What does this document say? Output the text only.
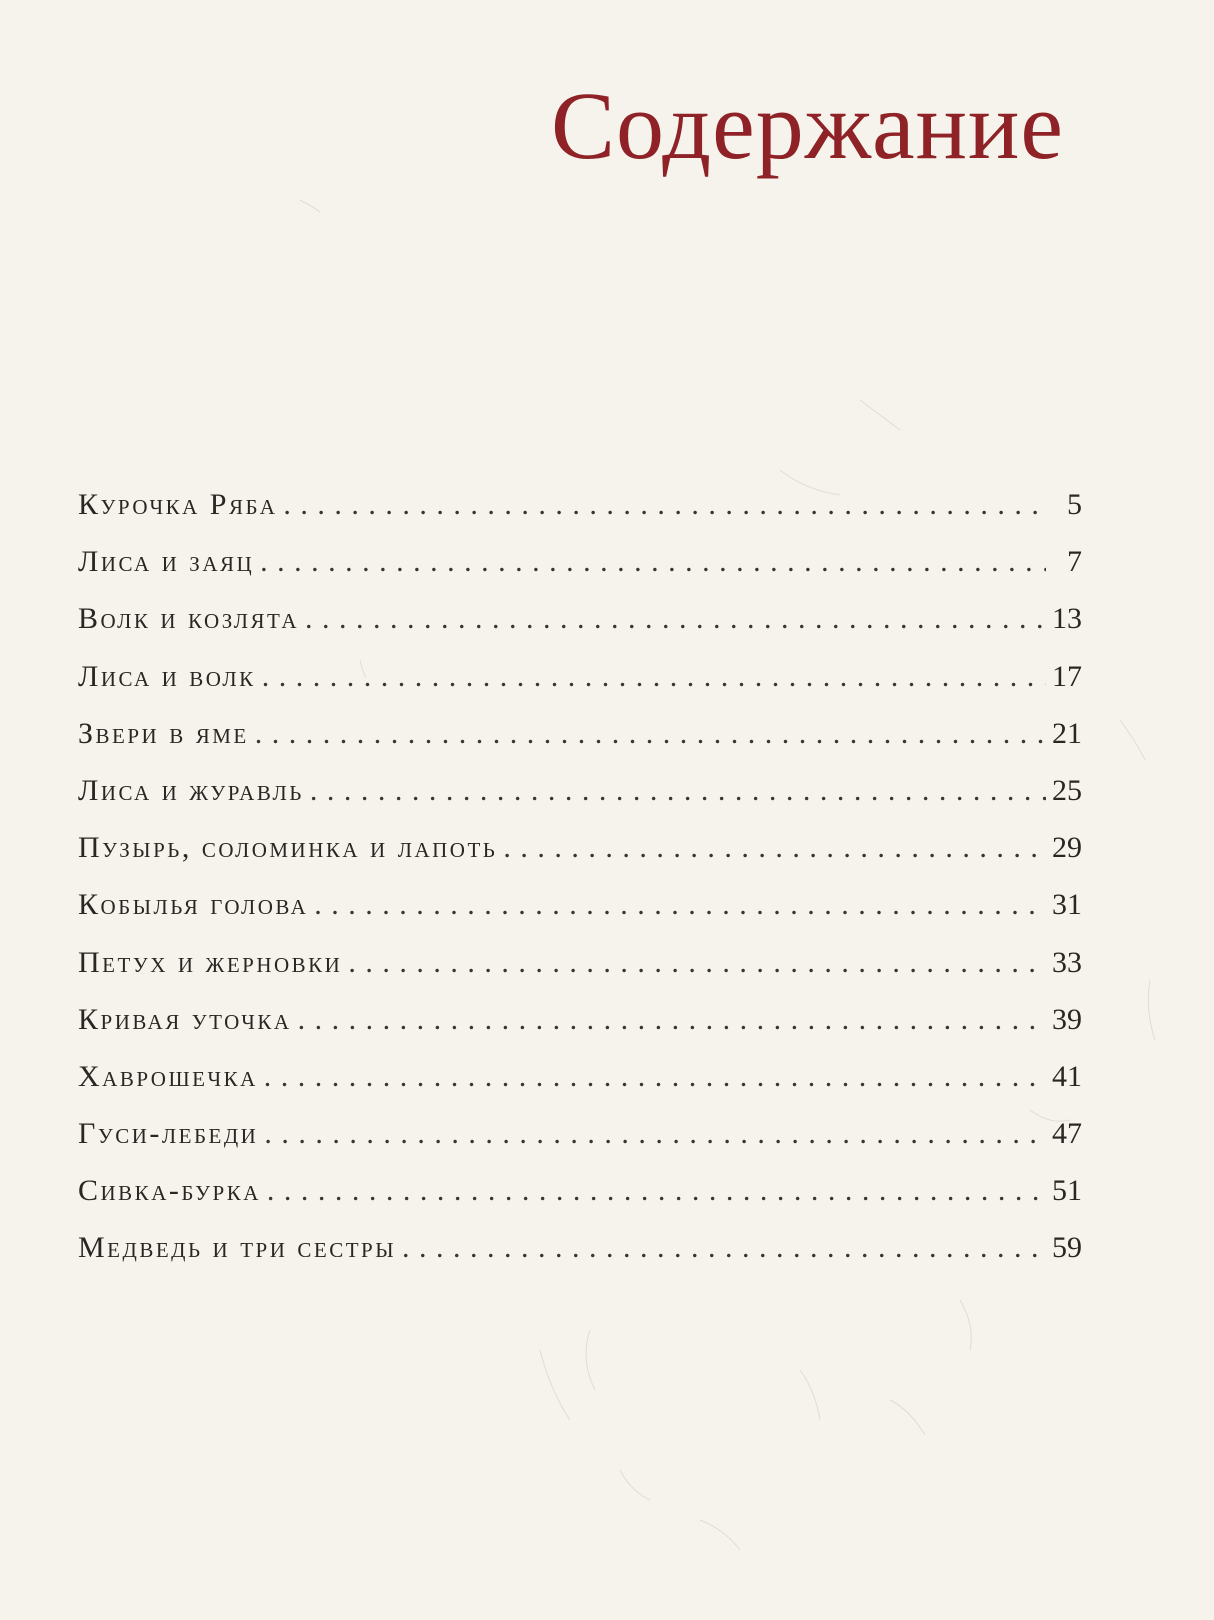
Содержание
Курочка Ряба . . .	5
Лиса и заяц . . .	7
Волк и козлята . . .	13
Лиса и волк . . .	17
Звери в яме . . .	21
Лиса и журавль . . .	25
Пузырь, соломинка и лапоть . . .	29
Кобылья голова . . .	31
Петух и жерновки . . .	33
Кривая уточка . . .	39
Хаврошечка . . .	41
Гуси-лебеди . . .	47
Сивка-бурка . . .	51
Медведь и три сестры . . .	59
